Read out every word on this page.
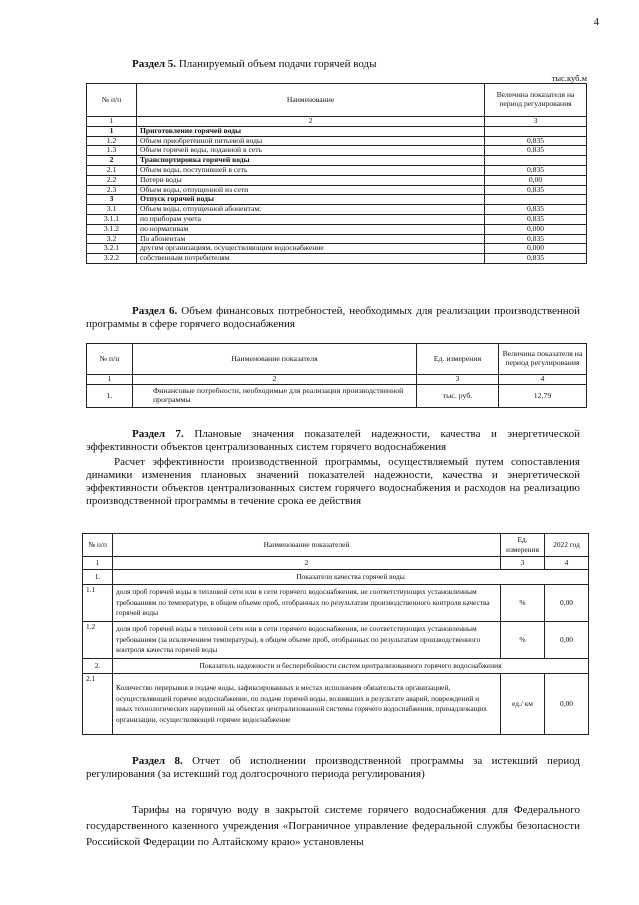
4
Раздел 5. Планируемый объем подачи горячей воды
тыс.куб.м
№ п/п	Наименование	Величина показателя на период регулирования
1	2	3
1	Приготовление горячей воды	
1.2	Объем приобретенной питьевой воды	0,835
1.3	Объем горячей воды, поданной в сеть	0,835
2	Транспортировка горячей воды	
2.1	Объем воды, поступившей в сеть	0,835
2.2	Потери воды	0,00
2.3	Объем воды, отпущенной из сети	0,835
3	Отпуск горячей воды	
3.1	Объем воды, отпущенной абонентам:	0,835
3.1.1	по приборам учета	0,835
3.1.2	по нормативам	0,000
3.2	По абонентам	0,835
3.2.1	другим организациям, осуществляющим водоснабжение	0,000
3.2.2	собственным потребителям	0,835
Раздел 6. Объем финансовых потребностей, необходимых для реализации производственной программы в сфере горячего водоснабжения
№ п/п	Наименование показателя	Ед. измерения	Величина показателя на период регулирования
1	2	3	4
1.	Финансовые потребности, необходимые для реализации производственной программы	тыс. руб.	12,79
Раздел 7. Плановые значения показателей надежности, качества и энергетической эффективности объектов централизованных систем горячего водоснабжения
Расчет эффективности производственной программы, осуществляемый путем сопоставления динамики изменения плановых значений показателей надежности, качества и энергетической эффективности объектов централизованных систем горячего водоснабжения и расходов на реализацию производственной программы в течение срока ее действия
№ п/п	Наименование показателей	Ед. измерения	2022 год
1	2	3	4
1.	Показатели качества горячей воды		
1.1	доля проб горячей воды в тепловой сети или в сети горячего водоснабжения, не соответствующих установленным требованиям по температуре, в общем объеме проб, отобранных по результатам производственного контроля качества горячей воды	%	0,00
1.2	доля проб горячей воды в тепловой сети или в сети горячего водоснабжения, не соответствующих установленным требованиям (за исключением температуры), в общем объеме проб, отобранных по результатам производственного контроля качества горячей воды	%	0,00
2.	Показатель надежности и бесперебойности систем централизованного горячего водоснабжения		
2.1	Количество перерывов в подаче воды, зафиксированных в местах исполнения обязательств организацией, осуществляющей горячее водоснабжение, по подаче горячей воды, возникших в результате аварий, повреждений и иных технологических нарушений на объектах централизованной системы горячего водоснабжения, принадлежащих организации, осуществляющей горячее водоснабжение	ед./ км	0,00
Раздел 8. Отчет об исполнении производственной программы за истекший период регулирования (за истекший год долгосрочного периода регулирования)
Тарифы на горячую воду в закрытой системе горячего водоснабжения для Федерального государственного казенного учреждения «Пограничное управление федеральной службы безопасности Российской Федерации по Алтайскому краю» установлены
